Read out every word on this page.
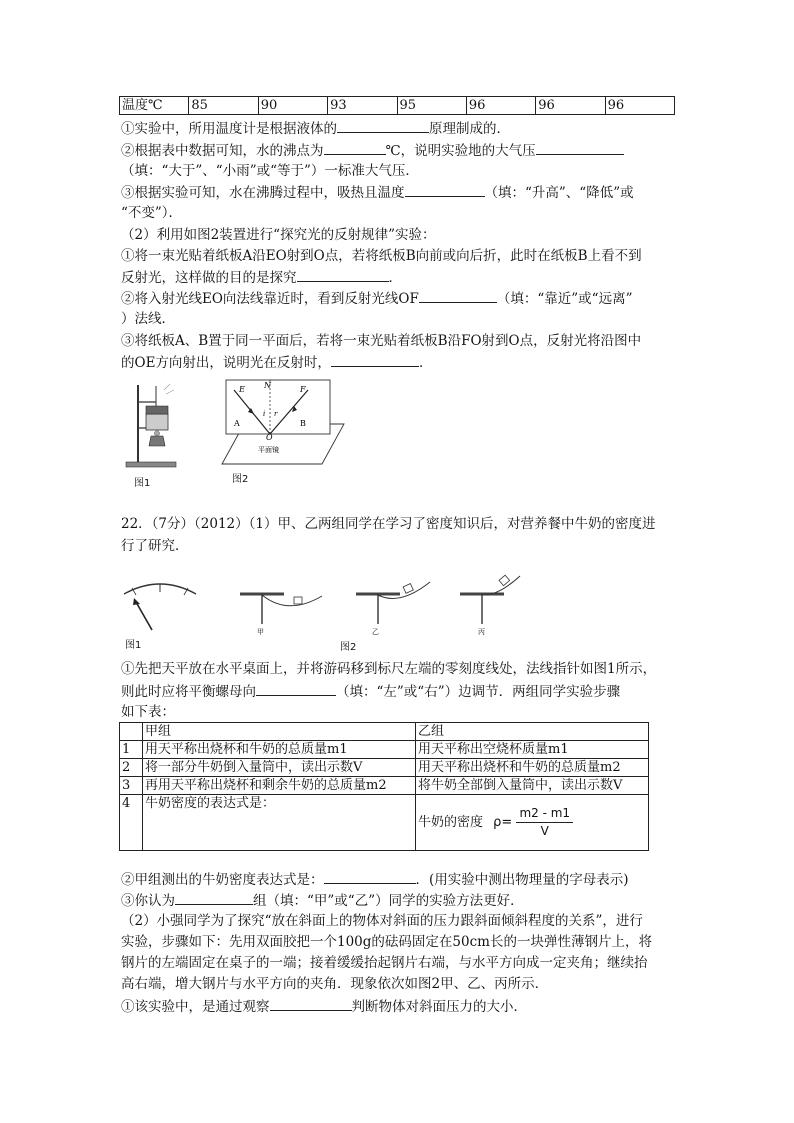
温度℃	85	90	93	95	96	96	96
①实验中，所用温度计是根据液体的	原理制成的．
②根据表中数据可知，水的沸点为	℃，说明实验地的大气压
（填：“大于”、“小雨”或“等于”）一标准大气压．
③根据实验可知，水在沸腾过程中，吸热且温度	（填：“升高”、“降低”或
“不变”）．
（2）利用如图2装置进行“探究光的反射规律”实验：
①将一束光贴着纸板A沿EO射到O点，若将纸板B向前或向后折，此时在纸板B上看不到
反射光，这样做的目的是探究	．
②将入射光线EO向法线靠近时，看到反射光线OF	（填：“靠近”或“远离”
）法线．
③将纸板A、B置于同一平面后，若将一束光贴着纸板B沿FO射到O点，反射光将沿图中
的OE方向射出，说明光在反射时，	．
图1
E N	F
A	B
O
i r
平面镜
图2
22．（7分）（2012）（1）甲、乙两组同学在学习了密度知识后，对营养餐中牛奶的密度进
行了研究．
图1
甲	乙	丙
图2
①先把天平放在水平桌面上，并将游码移到标尺左端的零刻度线处，法线指针如图1所示，
则此时应将平衡螺母向	（填：“左”或“右”）边调节．两组同学实验步骤
如下表：
	甲组	乙组
1	用天平称出烧杯和牛奶的总质量m1	用天平称出空烧杯质量m1
2	将一部分牛奶倒入量筒中，读出示数V	用天平称出烧杯和牛奶的总质量m2
3	再用天平称出烧杯和剩余牛奶的总质量m2	将牛奶全部倒入量筒中，读出示数V
4	牛奶密度的表达式是：	牛奶的密度 $\rho= \frac{m2 - m1}{V}$
②甲组测出的牛奶密度表达式是：	．(用实验中测出物理量的字母表示)
③你认为	组（填：“甲”或“乙”）同学的实验方法更好．
（2）小强同学为了探究“放在斜面上的物体对斜面的压力跟斜面倾斜程度的关系”，进行
实验，步骤如下：先用双面胶把一个100g的砝码固定在50cm长的一块弹性薄钢片上，将
钢片的左端固定在桌子的一端；接着缓缓抬起钢片右端，与水平方向成一定夹角；继续抬
高右端，增大钢片与水平方向的夹角．现象依次如图2甲、乙、丙所示．
①该实验中，是通过观察	判断物体对斜面压力的大小．
